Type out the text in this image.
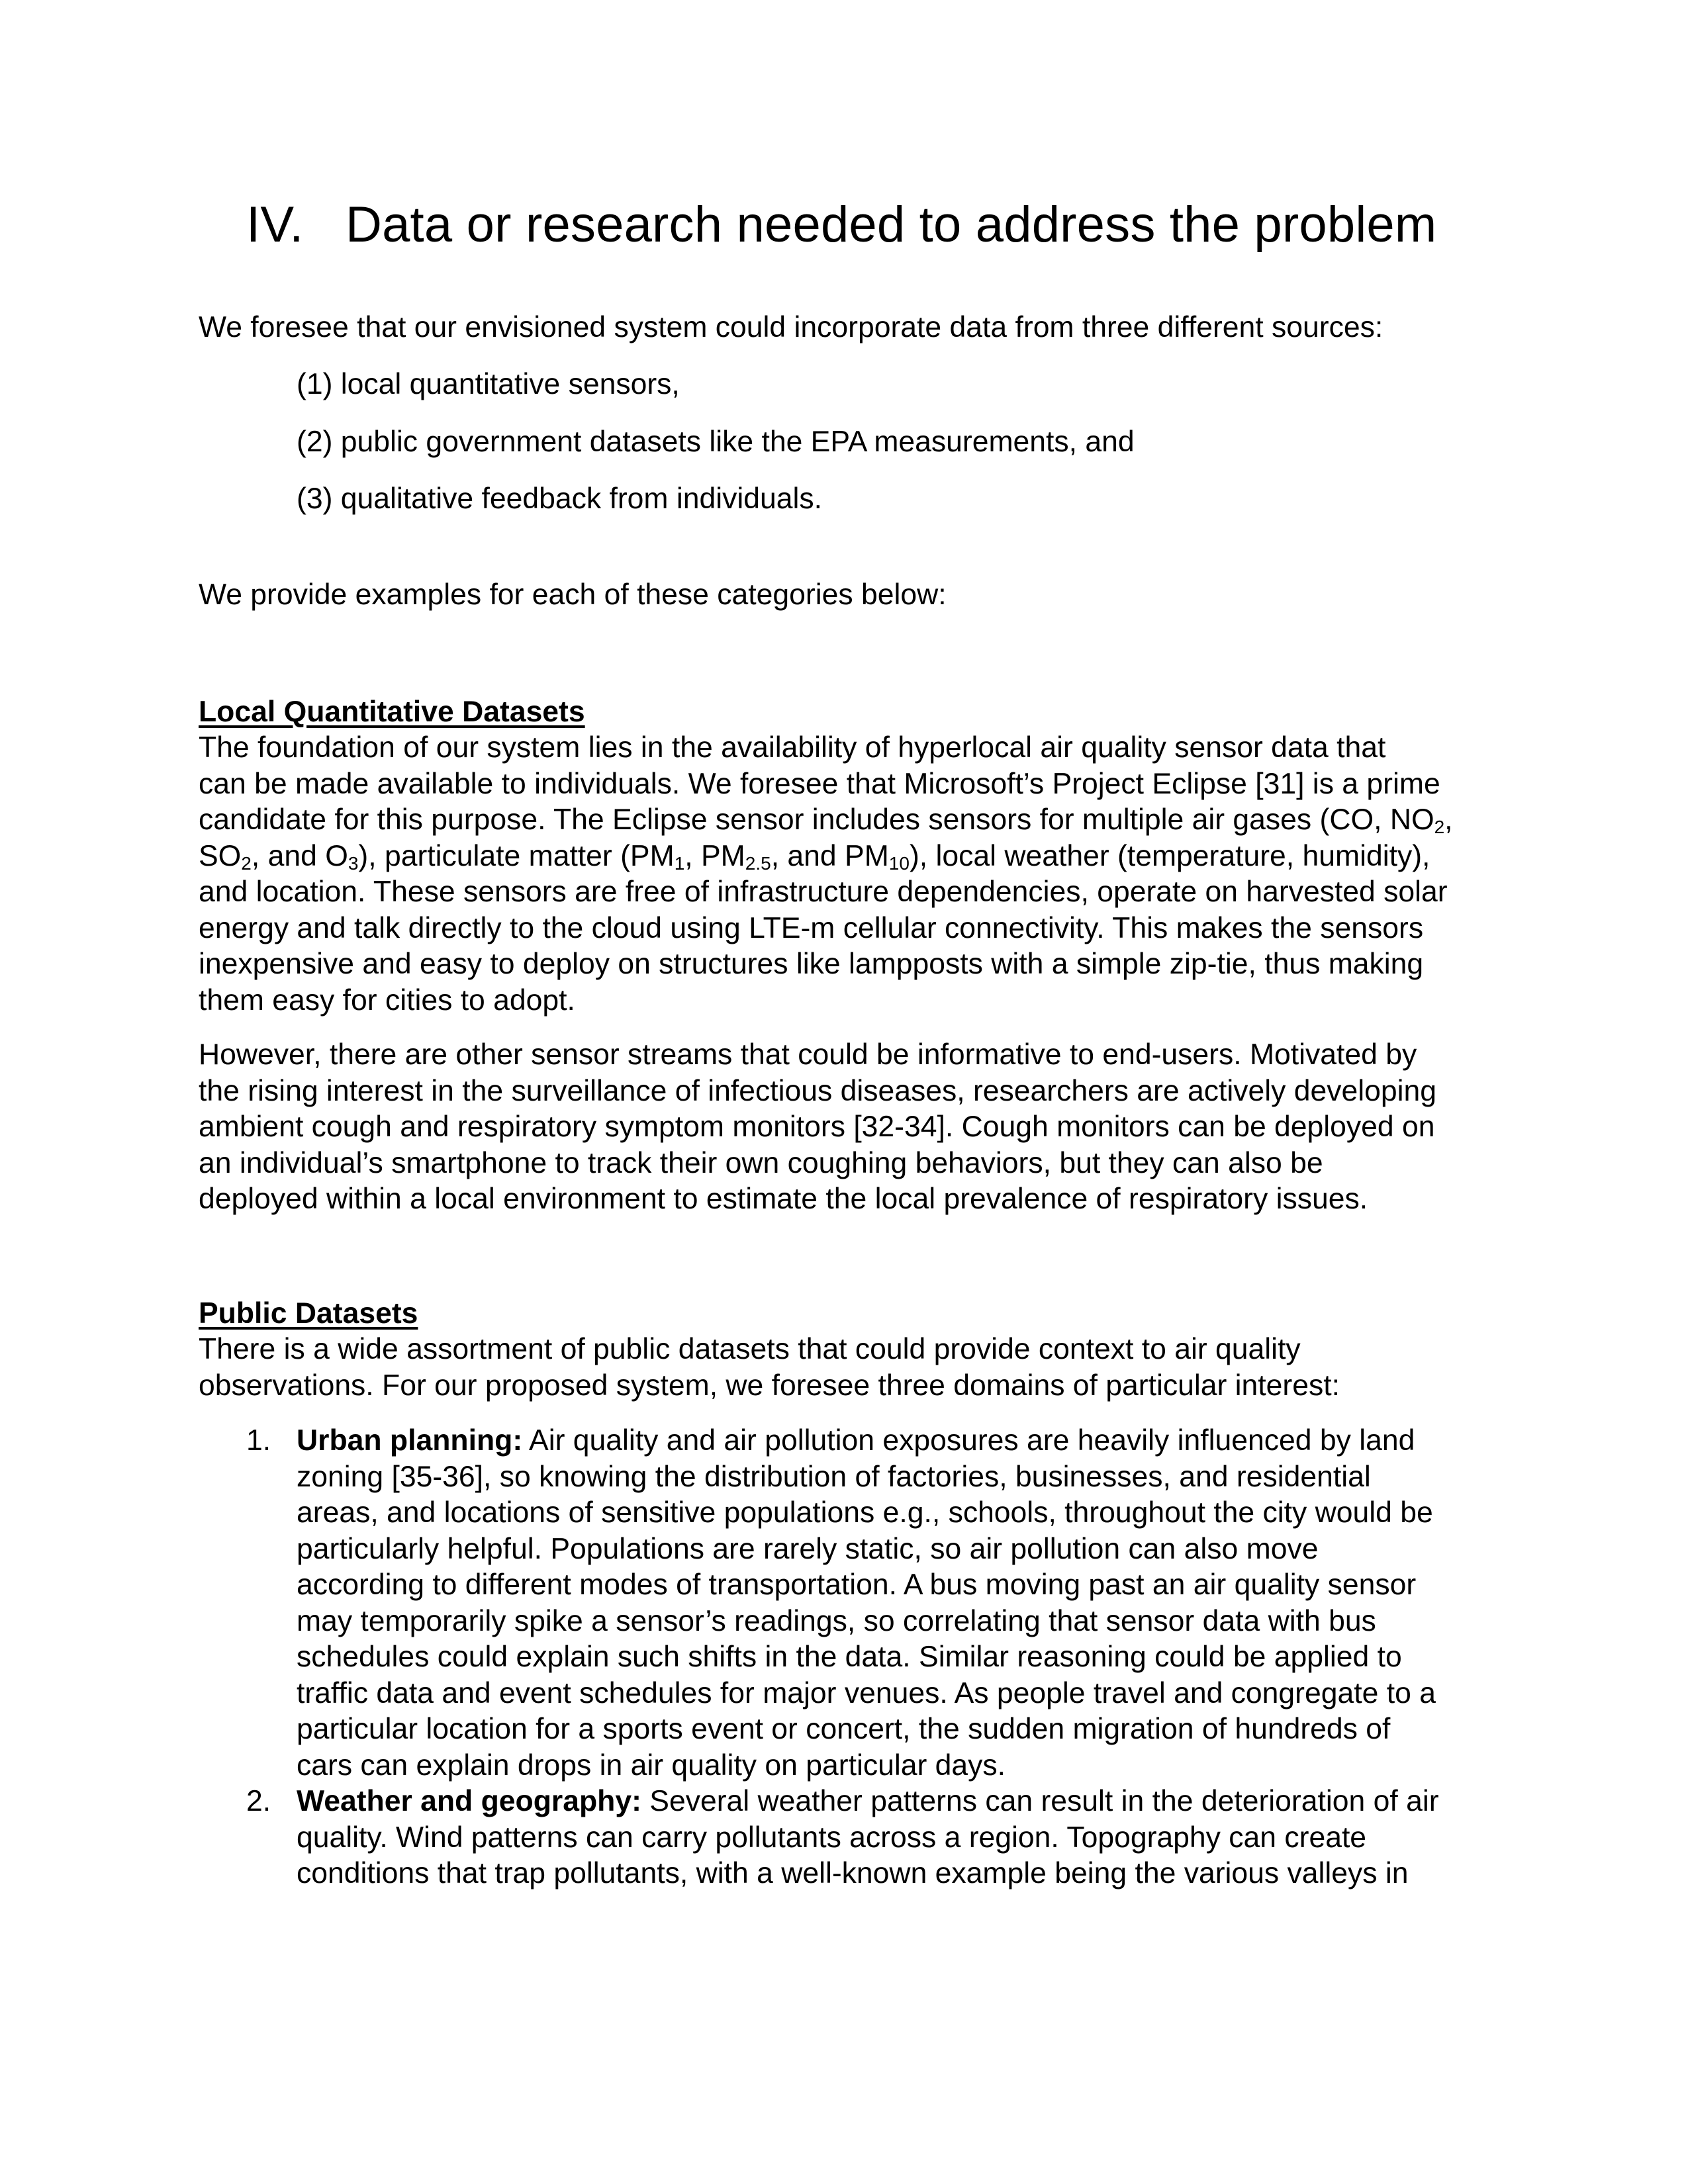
IV. Data or research needed to address the problem
We foresee that our envisioned system could incorporate data from three different sources:
(1) local quantitative sensors,
(2) public government datasets like the EPA measurements, and
(3) qualitative feedback from individuals.
We provide examples for each of these categories below:
Local Quantitative Datasets
The foundation of our system lies in the availability of hyperlocal air quality sensor data that
can be made available to individuals. We foresee that Microsoft’s Project Eclipse [31] is a prime
candidate for this purpose. The Eclipse sensor includes sensors for multiple air gases (CO, $NO_2$,
$SO_2$, and $O_3$), particulate matter ($PM_1$, $PM_{2.5}$, and $PM_{10}$), local weather (temperature, humidity),
and location. These sensors are free of infrastructure dependencies, operate on harvested solar
energy and talk directly to the cloud using LTE-m cellular connectivity. This makes the sensors
inexpensive and easy to deploy on structures like lampposts with a simple zip-tie, thus making
them easy for cities to adopt.
However, there are other sensor streams that could be informative to end-users. Motivated by
the rising interest in the surveillance of infectious diseases, researchers are actively developing
ambient cough and respiratory symptom monitors [32-34]. Cough monitors can be deployed on
an individual’s smartphone to track their own coughing behaviors, but they can also be
deployed within a local environment to estimate the local prevalence of respiratory issues.
Public Datasets
There is a wide assortment of public datasets that could provide context to air quality
observations. For our proposed system, we foresee three domains of particular interest:
1. Urban planning: Air quality and air pollution exposures are heavily influenced by land
zoning [35-36], so knowing the distribution of factories, businesses, and residential
areas, and locations of sensitive populations e.g., schools, throughout the city would be
particularly helpful. Populations are rarely static, so air pollution can also move
according to different modes of transportation. A bus moving past an air quality sensor
may temporarily spike a sensor’s readings, so correlating that sensor data with bus
schedules could explain such shifts in the data. Similar reasoning could be applied to
traffic data and event schedules for major venues. As people travel and congregate to a
particular location for a sports event or concert, the sudden migration of hundreds of
cars can explain drops in air quality on particular days.
2. Weather and geography: Several weather patterns can result in the deterioration of air
quality. Wind patterns can carry pollutants across a region. Topography can create
conditions that trap pollutants, with a well-known example being the various valleys in
